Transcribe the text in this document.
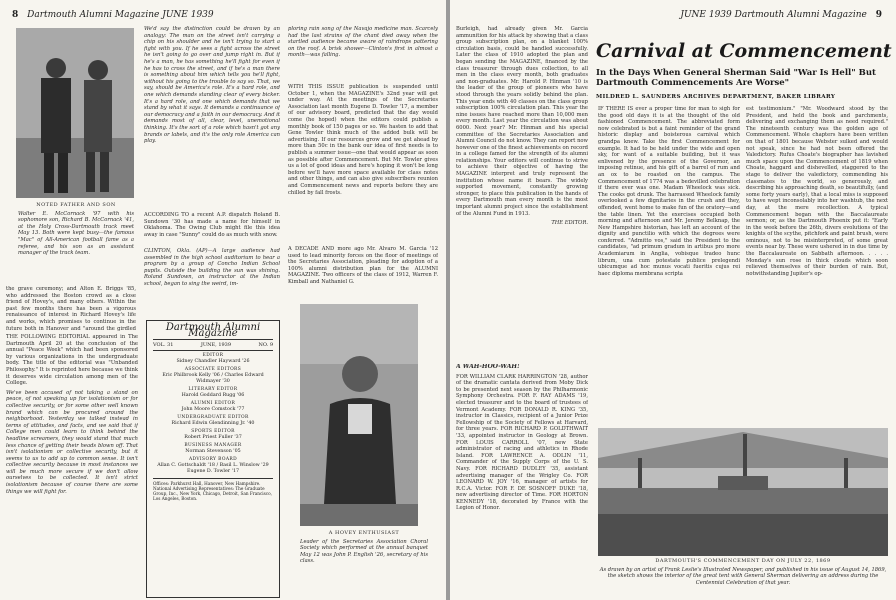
8 Dartmouth Alumni Magazine JUNE 1939
NOTED FATHER AND SON
Walter E. McCornack '97 with his sophomore son, Richard B. McCornack '41, at the Holy Cross-Dartmouth track meet May 13. Both were kept busy—the famous "Mac" of All-American football fame as a referee, and his son as an assistant manager of the track team.

the grave ceremony; and Alton E. Briggs '85, who addressed the Boston crowd as a close friend of Hovey's, and many others. Within the past few months there has been a vigorous renaissance of interest in Richard Hovey's life and works, which promises to continue in the future both in Hanover and "around the girdled

THE FOLLOWING EDITORIAL appeared in The Dartmouth April 20 at the conclusion of the annual "Peace Week" which had been sponsored by various organizations in the undergraduate body. The title of the editorial was "Unbanded Philosophy." It is reprinted here because we think it deserves wide circulation among men of the College.

We've been accused of not taking a stand on peace, of not speaking up for isolationism or for collective security, or for some other well known brand which can be procured around the neighborhood. Yesterday we talked instead in terms of attitudes, and facts, and we said that if College men could learn to think behind the headline screamers, they would stand that much less chance of getting their heads blown off. That isn't isolationism or collective security, but it seems to us to add up to common sense. It isn't collective security because in most instances we will be much more secure if we don't allow ourselves to be collected. It isn't strict isolationism because of course there are some things we will fight for.

We'd say the distinction could be drawn by an analogy: The man on the street isn't carrying a chip on his shoulder and he isn't trying to start a fight with you. If he sees a fight across the street he isn't going to go over and jump right in. But if he's a man, he has something he'll fight for even if he has to cross the street, and if he's a man there is something about him which tells you he'll fight, without his going to the trouble to say so. That, we say, should be America's role. It's a hard role, and one which demands standing clear of every bicker. It's a hard role, and one which demands that we stand by what it says. It demands a continuance of our democracy and a faith in our democracy. And it demands most of all, clear, level, unemotional thinking. It's the sort of a role which hasn't got any brands or labels, and it's the only role America can play.

ACCORDING TO a recent A.P. dispatch Roland B. Sundown '30 has made a name for himself in Oklahoma. The Owing Club might file this idea away in case "Sunny" could do as much with snow.

CLINTON, Okla. (AP)—A large audience had assembled in the high school auditorium to hear a program by a group of Concho Indian School pupils. Outside the building the sun was shining. Roland Sundown, an instructor at the Indian school, began to sing the weird, im-

Dartmouth Alumni Magazine
VOL. 31	JUNE, 1939	NO. 9
EDITOR
Sidney Chandler Hayward '26
ASSOCIATE EDITORS
Eric Philbrook Kelly '06 / Charles Edward Widmayer '30
LITERARY EDITOR
Harold Goddard Rugg '06
ALUMNI EDITOR
John Moore Comstock '77
UNDERGRADUATE EDITOR
Richard Edwin Glendinning Jr. '40
SPORTS EDITOR
Robert Priest Fuller '37
BUSINESS MANAGER
Norman Stevenson '05
ADVISORY BOARD
Allan C. Gottschaldt '18 / Basil L. Winslow '29 Eugene D. Towler '17
Offices: Parkhurst Hall, Hanover, New Hampshire. National Advertising Representatives: The Graduate Group, Inc., New York, Chicago, Detroit, San Francisco, Los Angeles, Boston.

ploring rain song of the Navajo medicine man. Scarcely had the last strains of the chant died away when the startled audience became aware of raindrops pattering on the roof. A brisk shower—Clinton's first in almost a month—was falling.

WITH THIS ISSUE publication is suspended until October 1, when the MAGAZINE's 32nd year will get under way. At the meetings of the Secretaries Association last month Eugene D. Towler '17, a member of our advisory board, predicted that the day would come (he hoped) when the editors could publish a monthly book of 150 pages or so. We hasten to add that Gene Towler think much of the added bulk will be advertising. If our resources grow and we get ahead by more than 50c in the bank our idea of first needs is to publish a summer issue—one that would appear as soon as possible after Commencement. But Mr. Towler gives us a lot of good ideas and here's hoping it won't be long before we'll have more space available for class notes and other things, and can also give subscribers reunion and Commencement news and reports before they are chilled by fall frosts.

A DECADE AND more ago Mr. Alvaro M. Garcia '12 used to lead minority forces on the floor of meetings of the Secretaries Association, pleading for adoption of a 100% alumni distribution plan for the ALUMNI MAGAZINE. Two officers of the class of 1912, Warren F. Kimball and Nathaniel G.

A HOVEY ENTHUSIAST
Leader of the Secretaries Association Choral Society which performed at the annual banquet May 12 was John P. English '26, secretary of his class.
JUNE 1939 Dartmouth Alumni Magazine 9

Burleigh, had already given Mr. Garcia ammunition for his attack by showing that a class group subscription plan, on a blanket 100% circulation basis, could be handled successfully. Later the class of 1910 adopted the plan and began sending the MAGAZINE, financed by the class treasurer through dues collection, to all men in the class every month, both graduates and non-graduates. Mr. Harold P. Hinman '10 is the leader of the group of pioneers who have stood through the years solidly behind the plan. This year ends with 40 classes on the class group subscription 100% circulation plan. This year the nine issues have reached more than 10,000 men every month. Last year the circulation was about 6000. Next year? Mr. Hinman and his special committee of the Secretaries Association and Alumni Council do not know. They can report now however one of the finest achievements on record in a college famed for the strength of its alumni relationships. Your editors will continue to strive to achieve their objective of having the MAGAZINE interpret and truly represent the institution whose name it bears. The widely supported movement, constantly growing stronger, to place this publication in the hands of every Dartmouth man every month is the most important alumni project since the establishment of the Alumni Fund in 1913.

THE EDITOR.
A WAH-HOO-WAH!

FOR WILLIAM CLARK HARRINGTON '28, author of the dramatic cantata derived from Moby Dick to be presented next season by the Philharmonic Symphony Orchestra. FOR F. RAY ADAMS '19, elected treasurer and to the board of trustees of Vermont Academy. FOR DONALD R. KING '35, instructor in Classics, recipient of a Junior Prize Fellowship of the Society of Fellows at Harvard, for three years. FOR RICHARD P. GOLDTHWAIT '33, appointed instructor in Geology at Brown. FOR LOUIS CARROLL '07, new State administrator of racing and athletics in Rhode Island. FOR LAWRENCE A. ODLIN '11, Commander of the Supply Corps of the U. S. Navy. FOR RICHARD DUDLEY '35, assistant advertising manager of the Wrigley Co. FOR LEONARD W. JOY '16, manager of artists for R.C.A. Victor. FOR F. DE SOSNOFF DUKE '18, new advertising director of Time. FOR HORTON KENNEDY '18, decorated by France with the Legion of Honor.

Carnival at Commencement
In the Days When General Sherman Said "War Is Hell" But Dartmouth Commencements Are Worse"
MILDRED L. SAUNDERS ARCHIVES DEPARTMENT, BAKER LIBRARY

IF THERE IS ever a proper time for man to sigh for the good old days it is at the thought of the old fashioned Commencement. The abbreviated form now celebrated is but a faint reminder of the grand historic display and boisterous carnival which grandpa knew. Take the first Commencement for example. It had to be held under the wide and open sky, for want of a suitable building, but it was enlivened by the presence of the Governor, an imposing retinue, and his gift of a barrel of rum and an ox to be roasted on the campus. The Commencement of 1774 was a bedevilled celebration if there ever was one. Madam Wheelock was sick. The cooks got drunk. The harrassed Wheelock family overlooked a few dignitaries in the crush and they, offended, went home to make fun of the oratory—and the table linen. Yet the exercises occupied both morning and afternoon and Mr. Jeremy Belknap, the New Hampshire historian, has left an account of the dignity and punctilio with which the degrees were conferred. "Admitto vos," said the President to the candidates, "ad primum gradum in artibus pro more Academiarum in Anglia, vobisque tradeo hunc librum, una cum potestate publice prelegendi ubicumque ad hoc munus vocati fueritis cujus rei haec diploma membrana scripta

est testimonium." "Mr. Woodward stood by the President, and held the book and parchments, delivering and exchanging them as need required." The nineteenth century was the golden age of Commencement. Whole chapters have been written on that of 1801 because Webster sulked and would not speak, since he had not been offered the Valedictory. Rufus Choate's biographer has lavished much space upon the Commencement of 1819 when Choate, haggard and dishevelled, staggered to the stage to deliver the valedictory, commending his classmates to the world, so generously, and describing his approaching death, so beautifully, (and some forty years early), that a local miss is supposed to have wept inconsolably into her washtub, the next day, at the mere recollection. A typical Commencement began with the Baccalaureate sermon; or, as the Dartmouth Phoenix put it: "Early in the week before the 26th, divers evolutions of the knights of the scythe, pitchfork and paint brush, were ominous, not to be misinterpreted, of some great events near by. These were ushered in in due time by the Baccalaureate on Sabbath afternoon. . . . . Monday's sun rose in thick clouds which soon relieved themselves of their burden of rain. But, notwithstanding Jupiter's op-

DARTMOUTH'S COMMENCEMENT DAY ON JULY 22, 1869
As drawn by an artist of Frank Leslie's Illustrated Newspaper, and published in his issue of August 14, 1869, the sketch shows the interior of the great tent with General Sherman delivering an address during the Centennial Celebration of that year.
